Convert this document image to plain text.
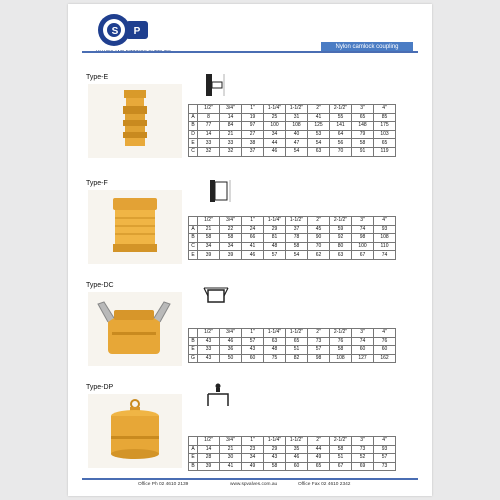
S P
Nylon camlock coupling
Type-E
	1/2"	3/4"	1"	1-1/4"	1-1/2"	2"	2-1/2"	3"	4"
A	8	14	19	25	31	41	55	65	85
B	77	84	97	100	108	125	141	148	175
D	14	21	27	34	40	53	64	79	103
E	33	33	38	44	47	54	56	58	65
C	32	32	37	46	54	63	70	91	119
Type-F
	1/2"	3/4"	1"	1-1/4"	1-1/2"	2"	2-1/2"	3"	4"
A	21	22	24	29	37	45	59	74	93
B	58	58	66	81	78	90	92	98	108
C	34	34	41	48	58	70	80	100	110
E	39	39	46	57	54	62	63	67	74
Type-DC
	1/2"	3/4"	1"	1-1/4"	1-1/2"	2"	2-1/2"	3"	4"
B	43	46	57	63	65	73	76	74	76
E	33	36	43	48	51	57	58	60	60
G	43	50	60	75	82	98	108	127	162
Type-DP
	1/2"	3/4"	1"	1-1/4"	1-1/2"	2"	2-1/2"	3"	4"
A	14	21	23	29	35	44	58	73	93
E	28	30	34	43	46	49	51	52	57
B	39	41	49	58	60	65	67	69	73
Office Ph 02 4610 2139	www.spvalves.com.au	Office Fax 02 4610 2342
